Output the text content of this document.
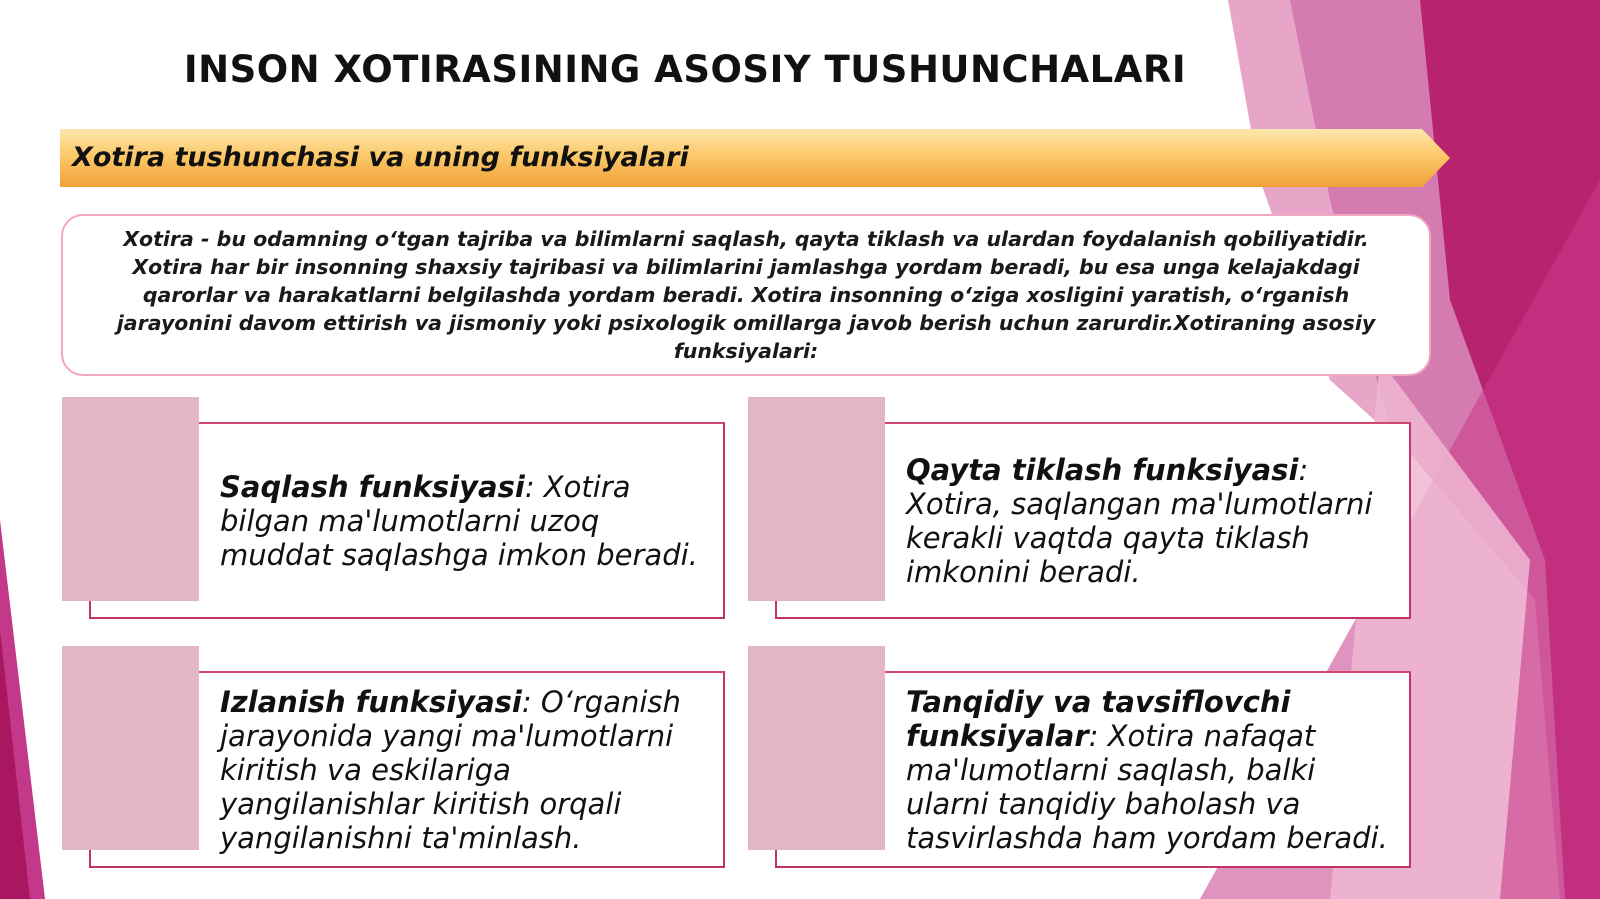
INSON XOTIRASINING ASOSIY TUSHUNCHALARI
Xotira tushunchasi va uning funksiyalari

Xotira - bu odamning o‘tgan tajriba va bilimlarni saqlash, qayta tiklash va ulardan foydalanish qobiliyatidir. Xotira har bir insonning shaxsiy tajribasi va bilimlarini jamlashga yordam beradi, bu esa unga kelajakdagi qarorlar va harakatlarni belgilashda yordam beradi. Xotira insonning o‘ziga xosligini yaratish, o‘rganish jarayonini davom ettirish va jismoniy yoki psixologik omillarga javob berish uchun zarurdir.Xotiraning asosiy funksiyalari:

Saqlash funksiyasi: Xotira bilgan ma'lumotlarni uzoq muddat saqlashga imkon beradi.
Qayta tiklash funksiyasi: Xotira, saqlangan ma'lumotlarni kerakli vaqtda qayta tiklash imkonini beradi.
Izlanish funksiyasi: O‘rganish jarayonida yangi ma'lumotlarni kiritish va eskilariga yangilanishlar kiritish orqali yangilanishni ta'minlash.
Tanqidiy va tavsiflovchi funksiyalar: Xotira nafaqat ma'lumotlarni saqlash, balki ularni tanqidiy baholash va tasvirlashda ham yordam beradi.
